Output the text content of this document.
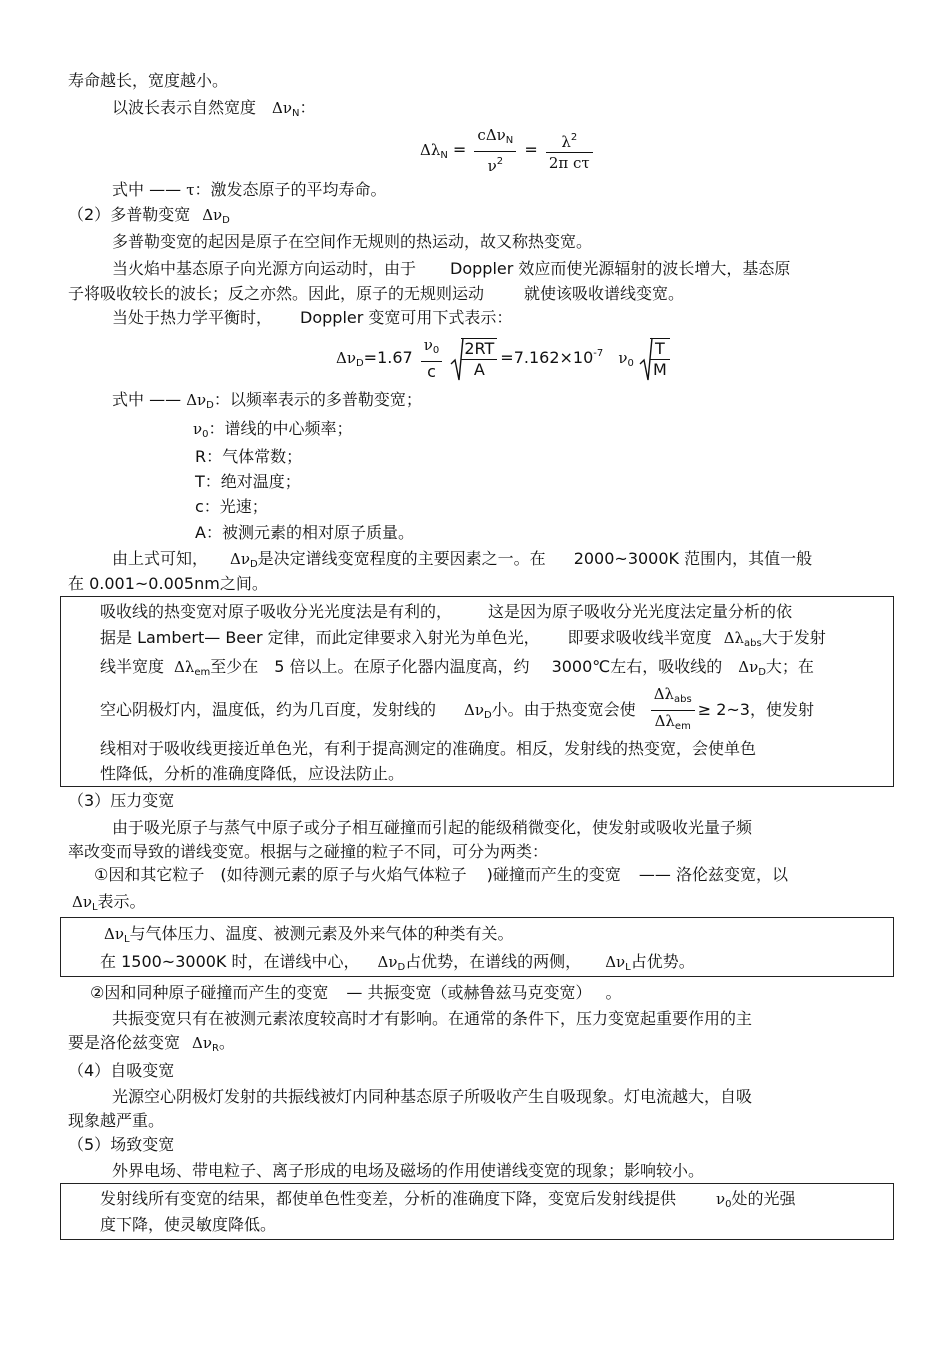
寿命越长，宽度越小。
以波长表示自然宽度 $\Delta\nu_N$：
$\Delta\lambda_N = \frac{c\Delta\nu_N}{\nu^2} = \frac{\lambda^2}{\text{2π cτ}}$
式中 —— τ：激发态原子的平均寿命。
（2）多普勒变宽 $\Delta\nu_D$
多普勒变宽的起因是原子在空间作无规则的热运动，故又称热变宽。
当火焰中基态原子向光源方向运动时，由于 Doppler 效应而使光源辐射的波长增大，基态原
子将吸收较长的波长；反之亦然。因此，原子的无规则运动	就使该吸收谱线变宽。
当处于热力学平衡时， Doppler 变宽可用下式表示：
$\Delta\nu_D=1.67 \frac{\nu_0}{c}$
$\frac{2RT}{A} =7.162\times 10^{-7}$ $\nu_0 \frac{T}{M}$
式中 —— $\Delta\nu_D$：以频率表示的多普勒变宽；
$\nu_0$：谱线的中心频率；
R：气体常数；
T：绝对温度；
c：光速；
A：被测元素的相对原子质量。
由上式可知， $\Delta\nu_D$是决定谱线变宽程度的主要因素之一。在 2000~3000K 范围内，其值一般
在 0.001~0.005nm之间。
吸收线的热变宽对原子吸收分光光度法是有利的， 这是因为原子吸收分光光度法定量分析的依
据是 Lambert— Beer 定律，而此定律要求入射光为单色光， 即要求吸收线半宽度 $\Delta\lambda_{abs}$大于发射
线半宽度 $\Delta\lambda_{em}$至少在 5 倍以上。在原子化器内温度高，约 3000℃左右，吸收线的 $\Delta\nu_D$大；在
空心阴极灯内，温度低，约为几百度，发射线的 $\Delta\nu_D$小。由于热变宽会使 $\frac{\Delta\lambda_{abs}}{\Delta\lambda_{em}}$ ≥ 2~3，使发射
线相对于吸收线更接近单色光，有利于提高测定的准确度。相反，发射线的热变宽，会使单色
性降低，分析的准确度降低，应设法防止。
（3）压力变宽
由于吸光原子与蒸气中原子或分子相互碰撞而引起的能级稍微变化，使发射或吸收光量子频
率改变而导致的谱线变宽。根据与之碰撞的粒子不同，可分为两类：
①因和其它粒子 (如待测元素的原子与火焰气体粒子 )碰撞而产生的变宽 —— 洛伦兹变宽，以
$\Delta\nu_L$表示。
$\Delta\nu_L$与气体压力、温度、被测元素及外来气体的种类有关。
在 1500~3000K 时，在谱线中心， $\Delta\nu_D$占优势，在谱线的两侧， $\Delta\nu_L$占优势。
②因和同种原子碰撞而产生的变宽 — 共振变宽（或赫鲁兹马克变宽） 。
共振变宽只有在被测元素浓度较高时才有影响。在通常的条件下，压力变宽起重要作用的主
要是洛伦兹变宽 $\Delta\nu_R$。
（4）自吸变宽
光源空心阴极灯发射的共振线被灯内同种基态原子所吸收产生自吸现象。灯电流越大，自吸
现象越严重。
（5）场致变宽
外界电场、带电粒子、离子形成的电场及磁场的作用使谱线变宽的现象；影响较小。
发射线所有变宽的结果，都使单色性变差，分析的准确度下降，变宽后发射线提供	$\nu_0$处的光强
度下降，使灵敏度降低。
